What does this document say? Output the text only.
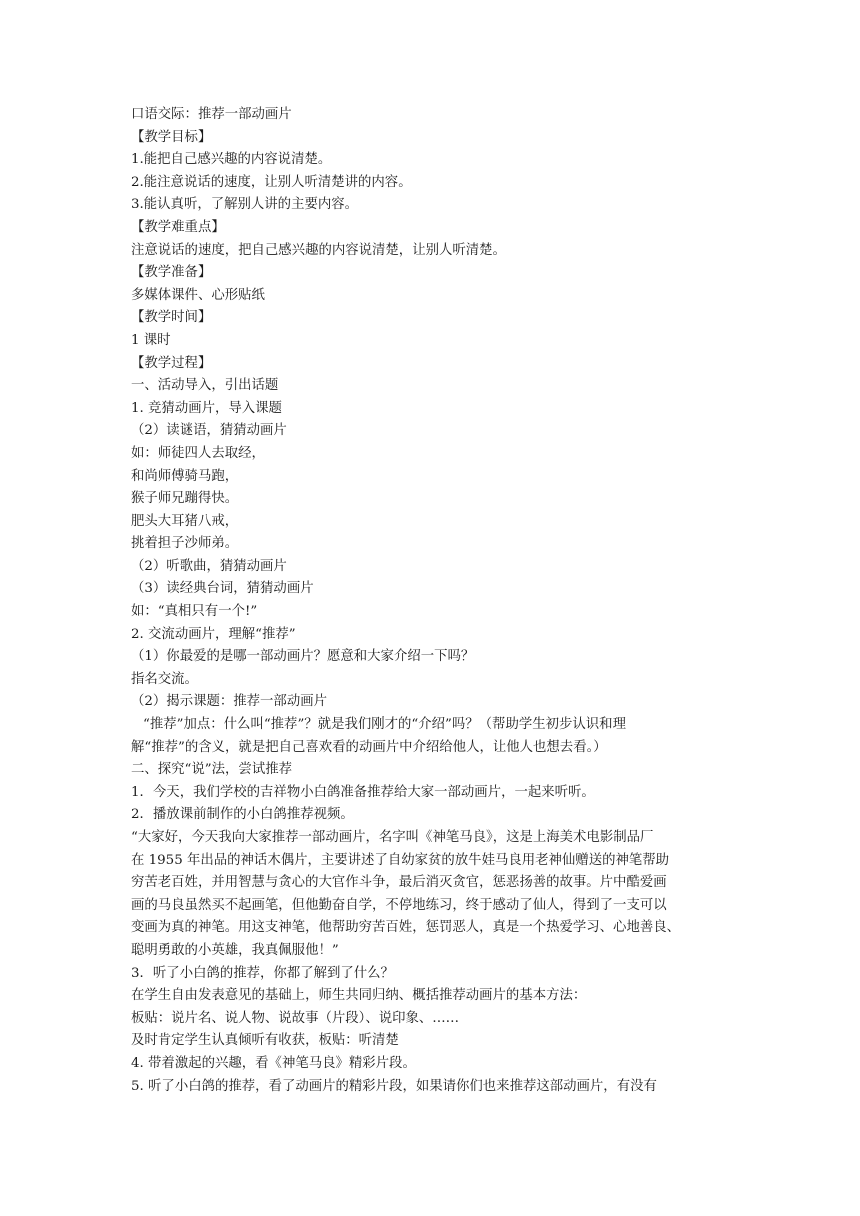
口语交际：推荐一部动画片

【教学目标】

1.能把自己感兴趣的内容说清楚。

2.能注意说话的速度，让别人听清楚讲的内容。

3.能认真听，了解别人讲的主要内容。

【教学难重点】

注意说话的速度，把自己感兴趣的内容说清楚，让别人听清楚。

【教学准备】

多媒体课件、心形贴纸

【教学时间】

1 课时

【教学过程】

一、活动导入，引出话题

1. 竞猜动画片，导入课题

（2）读谜语，猜猜动画片

如：师徒四人去取经，

和尚师傅骑马跑，

猴子师兄蹦得快。

肥头大耳猪八戒，

挑着担子沙师弟。

（2）听歌曲，猜猜动画片

（3）读经典台词，猜猜动画片

如：“真相只有一个!”

2. 交流动画片，理解“推荐”

（1）你最爱的是哪一部动画片？愿意和大家介绍一下吗？

指名交流。

（2）揭示课题：推荐一部动画片

“推荐”加点：什么叫“推荐”？就是我们刚才的“介绍”吗？（帮助学生初步认识和理

解“推荐”的含义，就是把自己喜欢看的动画片中介绍给他人，让他人也想去看。）

二、探究“说”法，尝试推荐

1．今天，我们学校的吉祥物小白鸽准备推荐给大家一部动画片，一起来听听。

2．播放课前制作的小白鸽推荐视频。

“大家好，今天我向大家推荐一部动画片，名字叫《神笔马良》，这是上海美术电影制品厂

在 1955 年出品的神话木偶片，主要讲述了自幼家贫的放牛娃马良用老神仙赠送的神笔帮助

穷苦老百姓，并用智慧与贪心的大官作斗争，最后消灭贪官，惩恶扬善的故事。片中酷爱画

画的马良虽然买不起画笔，但他勤奋自学，不停地练习，终于感动了仙人，得到了一支可以

变画为真的神笔。用这支神笔，他帮助穷苦百姓，惩罚恶人，真是一个热爱学习、心地善良、

聪明勇敢的小英雄，我真佩服他！”

3．听了小白鸽的推荐，你都了解到了什么？

在学生自由发表意见的基础上，师生共同归纳、概括推荐动画片的基本方法：

板贴：说片名、说人物、说故事（片段）、说印象、……

及时肯定学生认真倾听有收获，板贴：听清楚

4. 带着激起的兴趣，看《神笔马良》精彩片段。

5. 听了小白鸽的推荐，看了动画片的精彩片段，如果请你们也来推荐这部动画片，有没有
